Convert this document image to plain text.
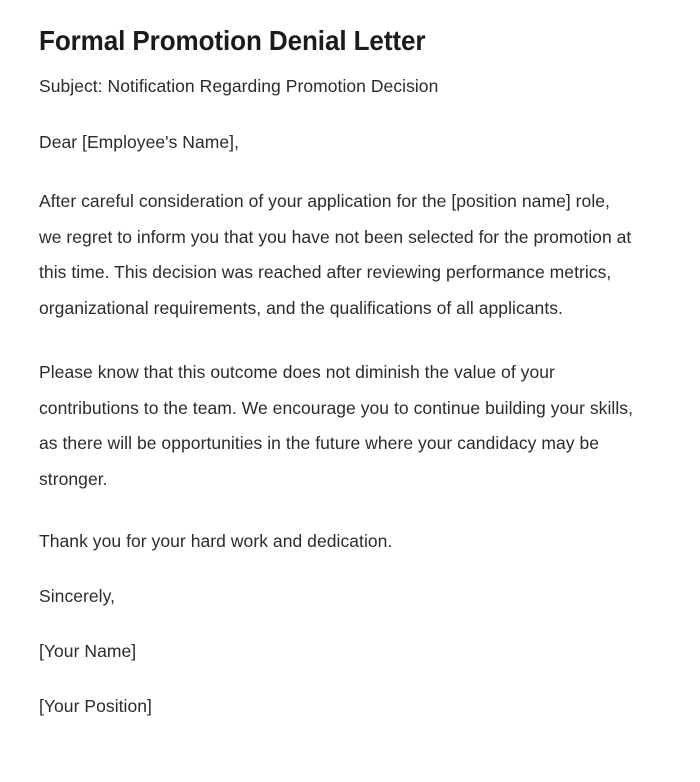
Formal Promotion Denial Letter

Subject: Notification Regarding Promotion Decision

Dear [Employee's Name],

After careful consideration of your application for the [position name] role, we regret to inform you that you have not been selected for the promotion at this time. This decision was reached after reviewing performance metrics, organizational requirements, and the qualifications of all applicants.

Please know that this outcome does not diminish the value of your contributions to the team. We encourage you to continue building your skills, as there will be opportunities in the future where your candidacy may be stronger.

Thank you for your hard work and dedication.

Sincerely,

[Your Name]

[Your Position]
